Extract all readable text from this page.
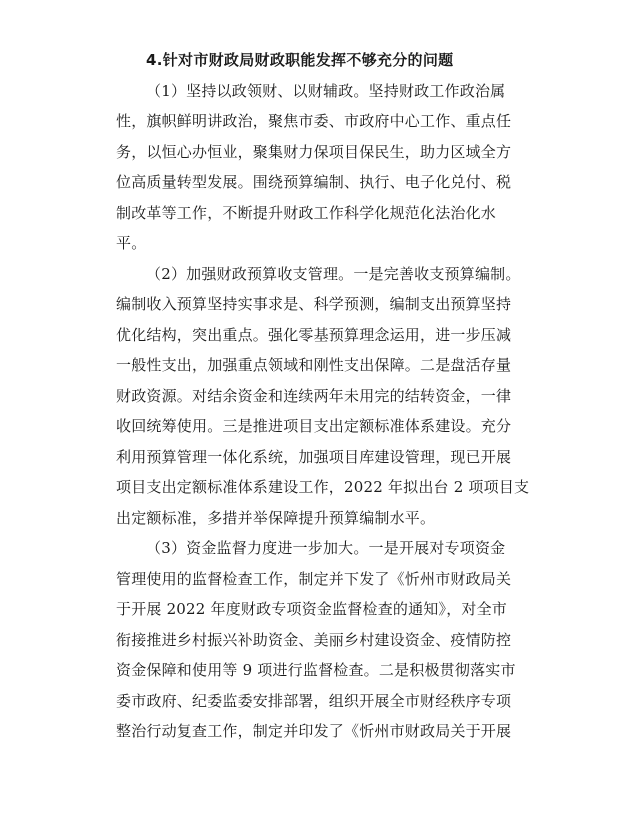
4.针对市财政局财政职能发挥不够充分的问题
（1）坚持以政领财、以财辅政。坚持财政工作政治属
性，旗帜鲜明讲政治，聚焦市委、市政府中心工作、重点任
务，以恒心办恒业，聚集财力保项目保民生，助力区域全方
位高质量转型发展。围绕预算编制、执行、电子化兑付、税
制改革等工作，不断提升财政工作科学化规范化法治化水
平。
（2）加强财政预算收支管理。一是完善收支预算编制。
编制收入预算坚持实事求是、科学预测，编制支出预算坚持
优化结构，突出重点。强化零基预算理念运用，进一步压减
一般性支出，加强重点领域和刚性支出保障。二是盘活存量
财政资源。对结余资金和连续两年未用完的结转资金，一律
收回统筹使用。三是推进项目支出定额标准体系建设。充分
利用预算管理一体化系统，加强项目库建设管理，现已开展
项目支出定额标准体系建设工作，2022 年拟出台 2 项项目支
出定额标准，多措并举保障提升预算编制水平。
（3）资金监督力度进一步加大。一是开展对专项资金
管理使用的监督检查工作，制定并下发了《忻州市财政局关
于开展 2022 年度财政专项资金监督检查的通知》，对全市
衔接推进乡村振兴补助资金、美丽乡村建设资金、疫情防控
资金保障和使用等 9 项进行监督检查。二是积极贯彻落实市
委市政府、纪委监委安排部署，组织开展全市财经秩序专项
整治行动复查工作，制定并印发了《忻州市财政局关于开展
